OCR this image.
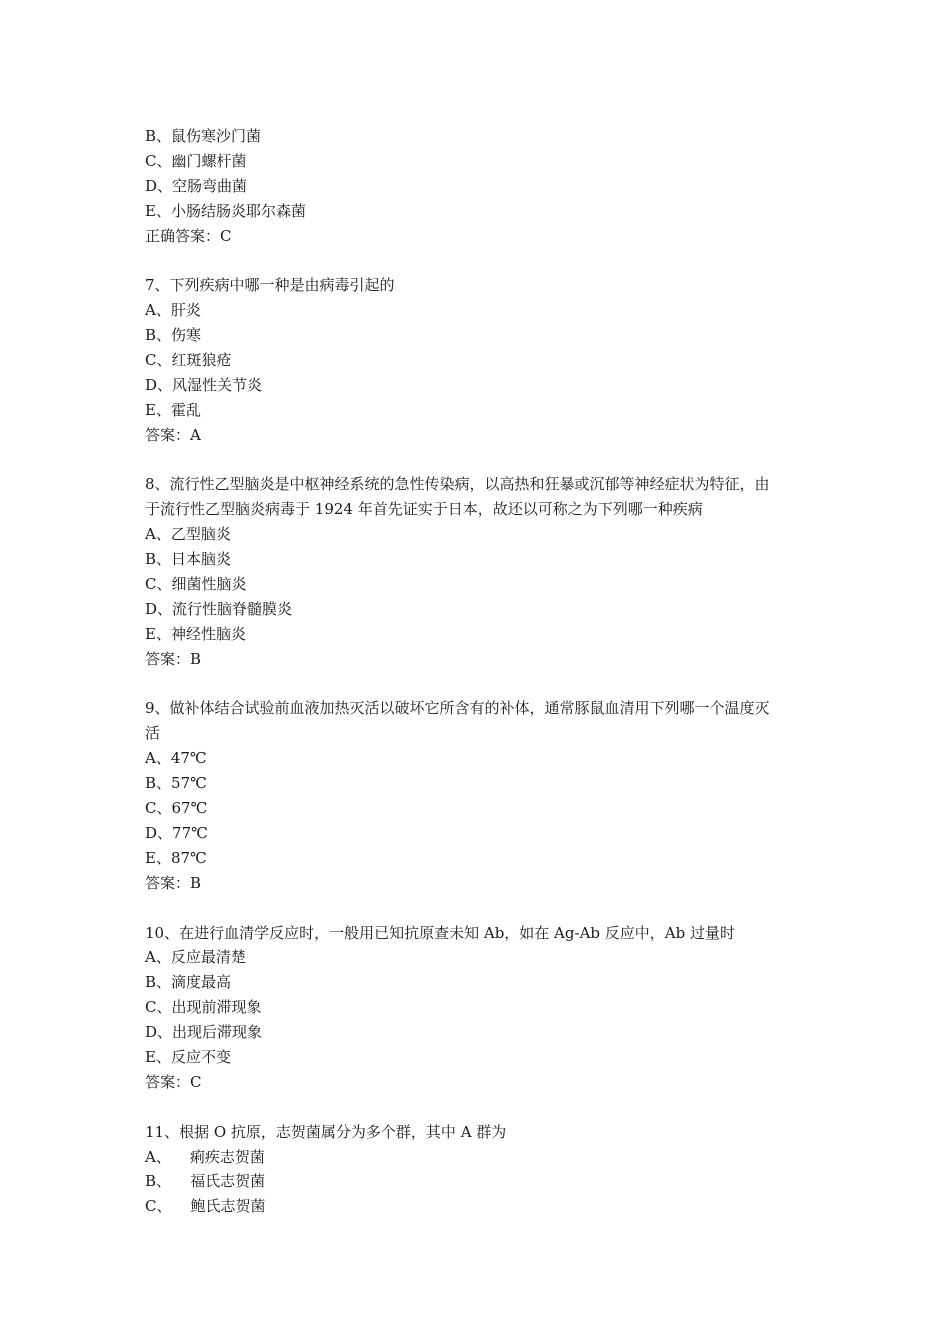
B、鼠伤寒沙门菌
C、幽门螺杆菌
D、空肠弯曲菌
E、小肠结肠炎耶尔森菌
正确答案：C
7、下列疾病中哪一种是由病毒引起的
A、肝炎
B、伤寒
C、红斑狼疮
D、风湿性关节炎
E、霍乱
答案：A
8、流行性乙型脑炎是中枢神经系统的急性传染病，以高热和狂暴或沉郁等神经症状为特征，由
于流行性乙型脑炎病毒于 1924 年首先证实于日本，故还以可称之为下列哪一种疾病
A、乙型脑炎
B、日本脑炎
C、细菌性脑炎
D、流行性脑脊髓膜炎
E、神经性脑炎
答案：B
9、做补体结合试验前血液加热灭活以破坏它所含有的补体，通常豚鼠血清用下列哪一个温度灭
活
A、47℃
B、57℃
C、67℃
D、77℃
E、87℃
答案：B
10、在进行血清学反应时，一般用已知抗原查未知 Ab，如在 Ag-Ab 反应中，Ab 过量时
A、反应最清楚
B、滴度最高
C、出现前滞现象
D、出现后滞现象
E、反应不变
答案：C
11、根据 O 抗原，志贺菌属分为多个群，其中 A 群为
A、    痢疾志贺菌
B、    福氏志贺菌
C、    鲍氏志贺菌
